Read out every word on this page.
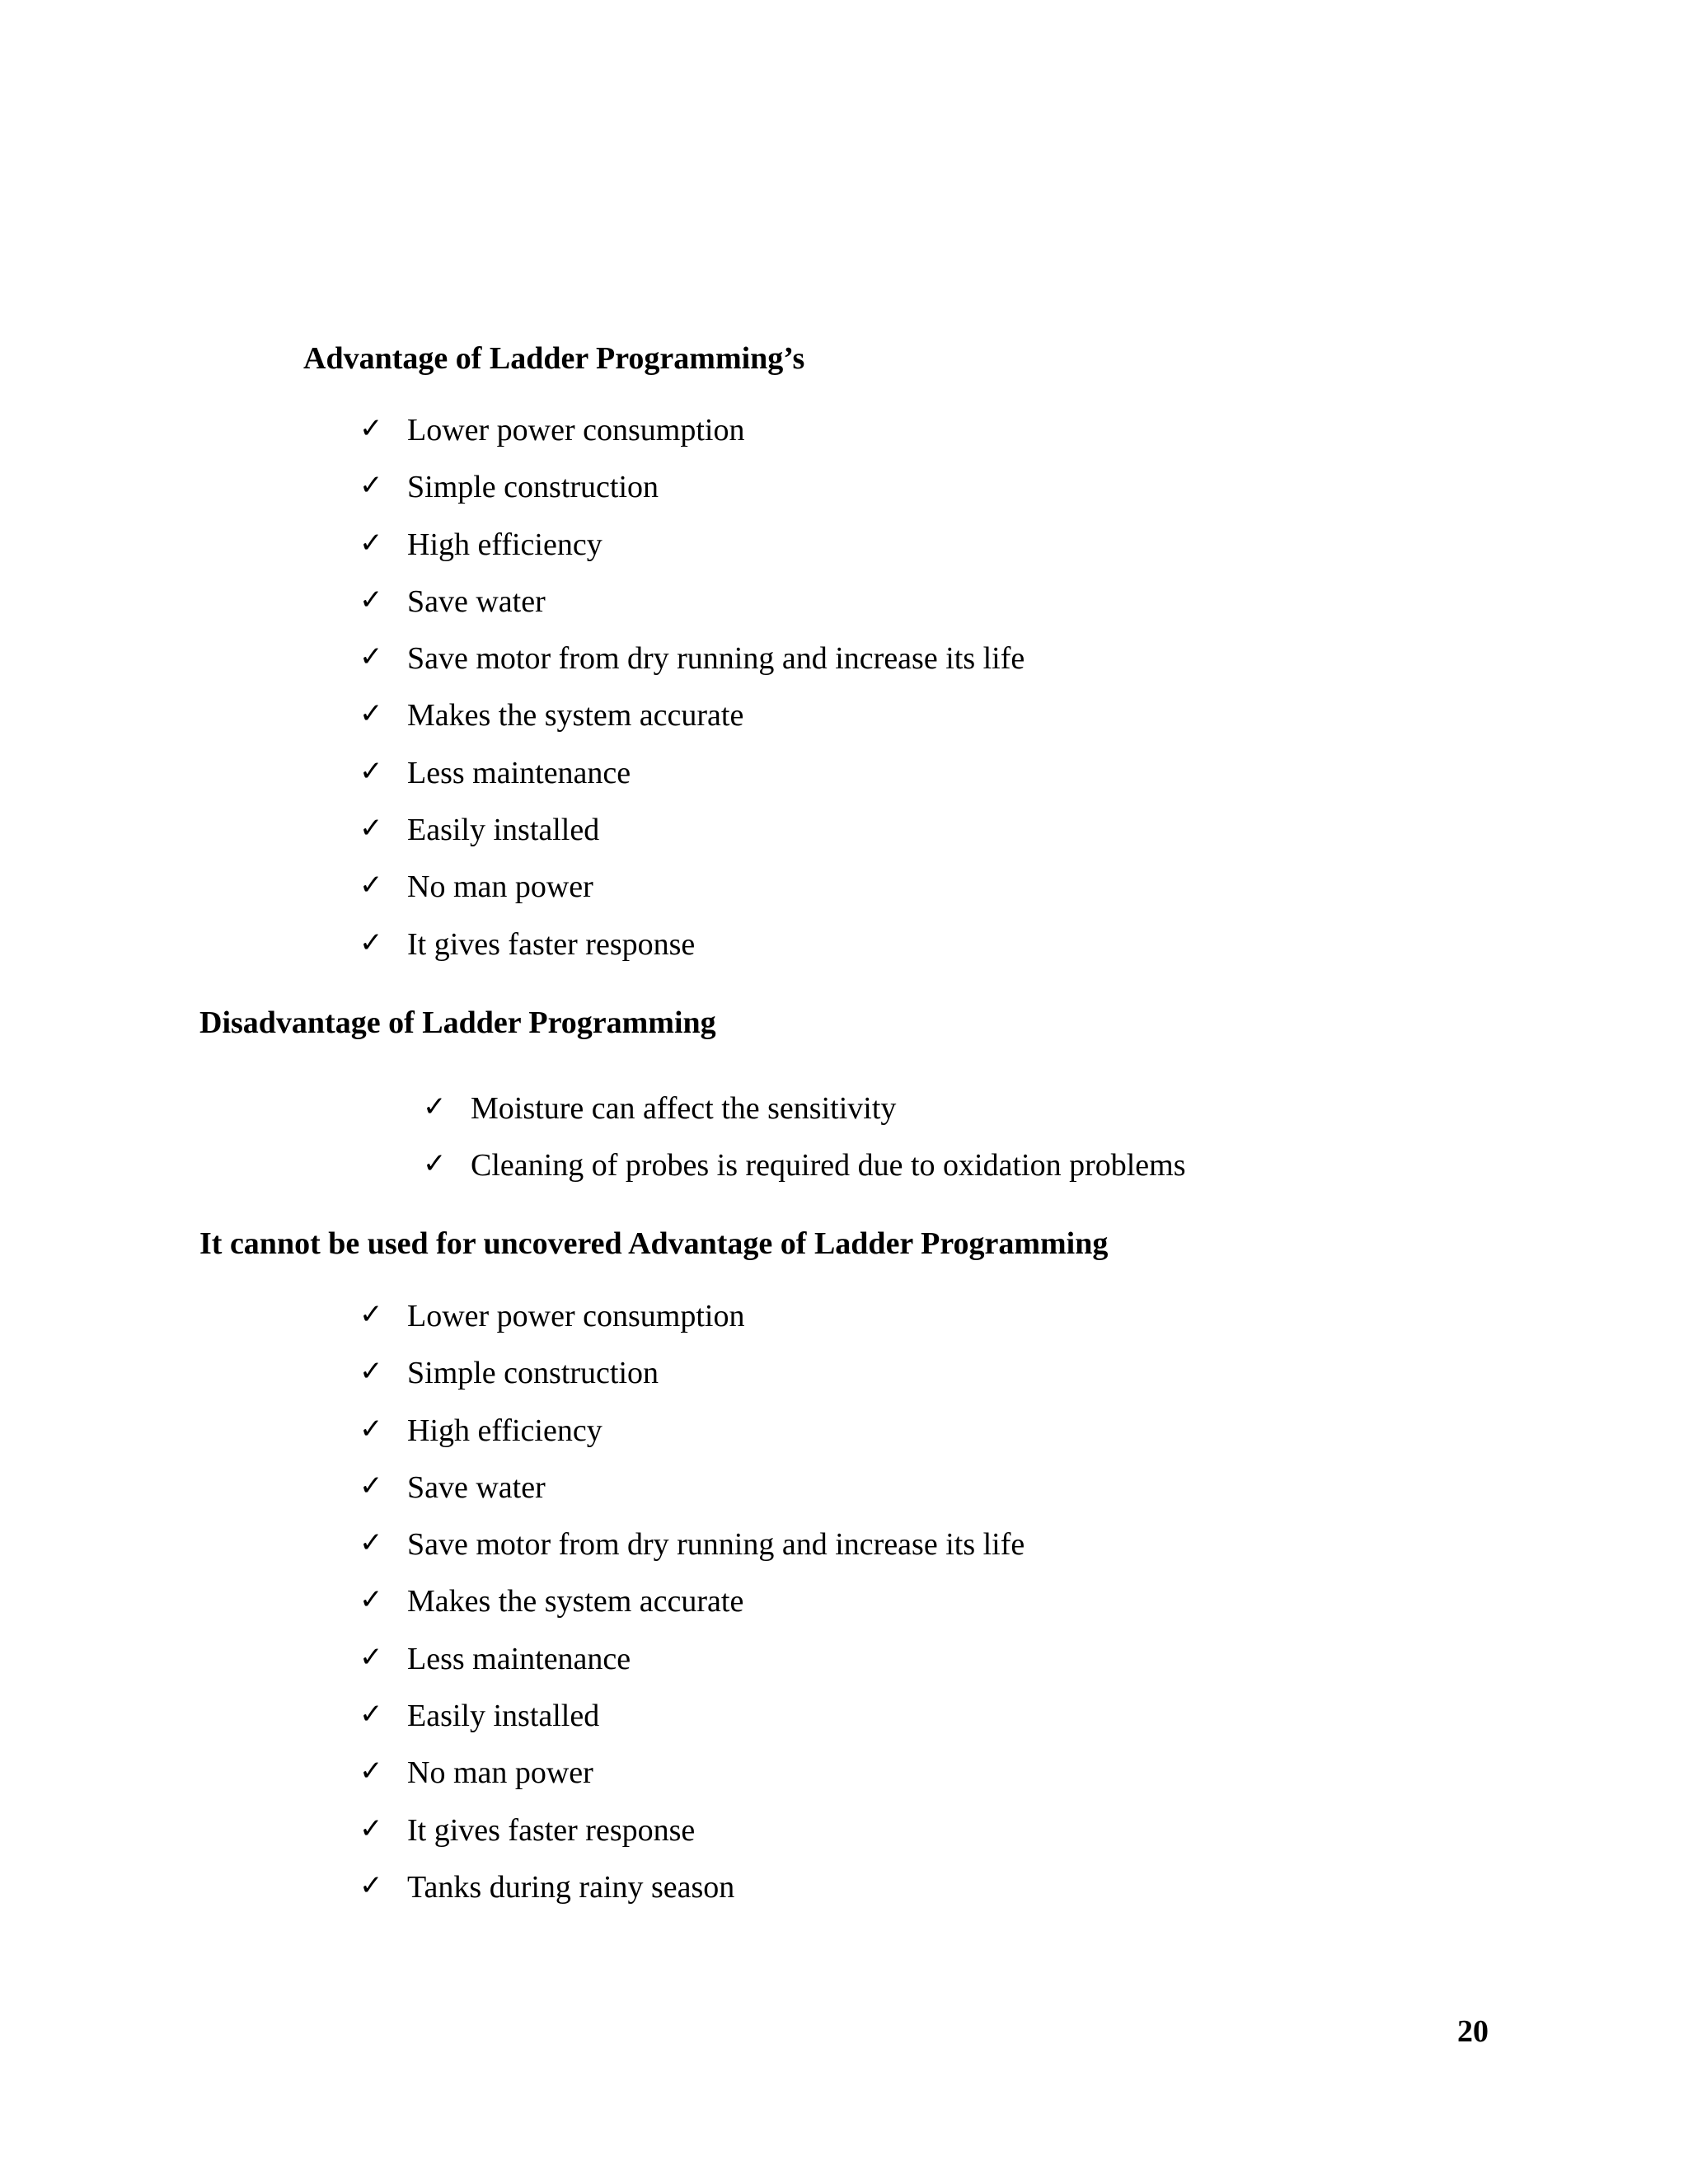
Advantage of Ladder Programming’s
✓ Lower power consumption
✓ Simple construction
✓ High efficiency
✓ Save water
✓ Save motor from dry running and increase its life
✓ Makes the system accurate
✓ Less maintenance
✓ Easily installed
✓ No man power
✓ It gives faster response
Disadvantage of Ladder Programming
✓ Moisture can affect the sensitivity
✓ Cleaning of probes is required due to oxidation problems
It cannot be used for uncovered Advantage of Ladder Programming
✓ Lower power consumption
✓ Simple construction
✓ High efficiency
✓ Save water
✓ Save motor from dry running and increase its life
✓ Makes the system accurate
✓ Less maintenance
✓ Easily installed
✓ No man power
✓ It gives faster response
✓ Tanks during rainy season
20
